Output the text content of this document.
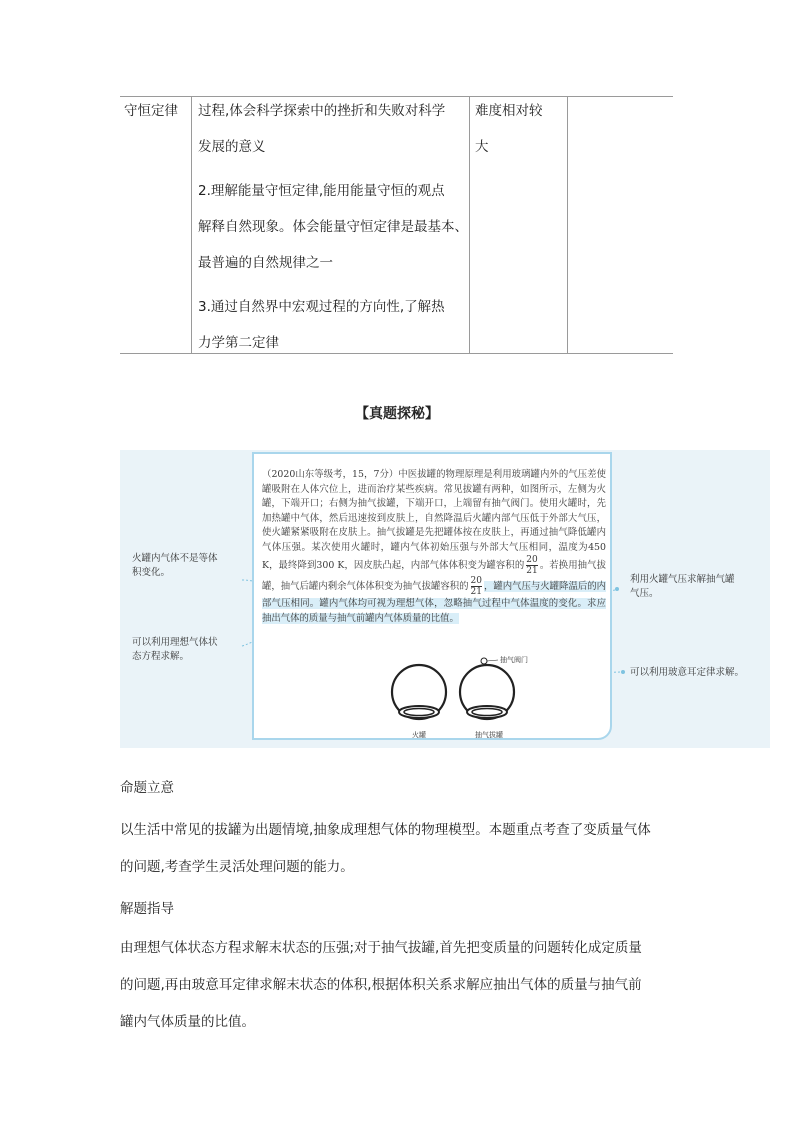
守恒定律 过程,体会科学探索中的挫折和失败对科学
发展的意义
2.理解能量守恒定律,能用能量守恒的观点
解释自然现象。体会能量守恒定律是最基本、
最普遍的自然规律之一
3.通过自然界中宏观过程的方向性,了解热
力学第二定律
难度相对较
大
【真题探秘】
火罐内气体不是等体
积变化。
可以利用理想气体状
态方程求解。
利用火罐气压求解抽气罐
气压。
可以利用玻意耳定律求解。
（2020山东等级考，15，7分）中医拔罐的物理原理是利用玻璃罐内外的气压差使罐吸附在人体穴位上，进而治疗某些疾病。常见拔罐有两种，如图所示，左侧为火罐，下端开口；右侧为抽气拔罐，下端开口，上端留有抽气阀门。使用火罐时，先加热罐中气体，然后迅速按到皮肤上，自然降温后火罐内部气压低于外部大气压，使火罐紧紧吸附在皮肤上。抽气拔罐是先把罐体按在皮肤上，再通过抽气降低罐内气体压强。某次使用火罐时，罐内气体初始压强与外部大气压相同，温度为450 K，最终降到300 K，因皮肤凸起，内部气体体积变为罐容积的 $\frac{20}{21}$ 。若换用抽气拔罐，抽气后罐内剩余气体体积变为抽气拔罐容积的 $\frac{20}{21}$ ，罐内气压与火罐降温后的内部气压相同。罐内气体均可视为理想气体，忽略抽气过程中气体温度的变化。求应抽出气体的质量与抽气前罐内气体质量的比值。
抽气阀门
火罐	抽气拔罐
命题立意
以生活中常见的拔罐为出题情境,抽象成理想气体的物理模型。本题重点考查了变质量气体
的问题,考查学生灵活处理问题的能力。
解题指导
由理想气体状态方程求解末状态的压强;对于抽气拔罐,首先把变质量的问题转化成定质量
的问题,再由玻意耳定律求解末状态的体积,根据体积关系求解应抽出气体的质量与抽气前
罐内气体质量的比值。
